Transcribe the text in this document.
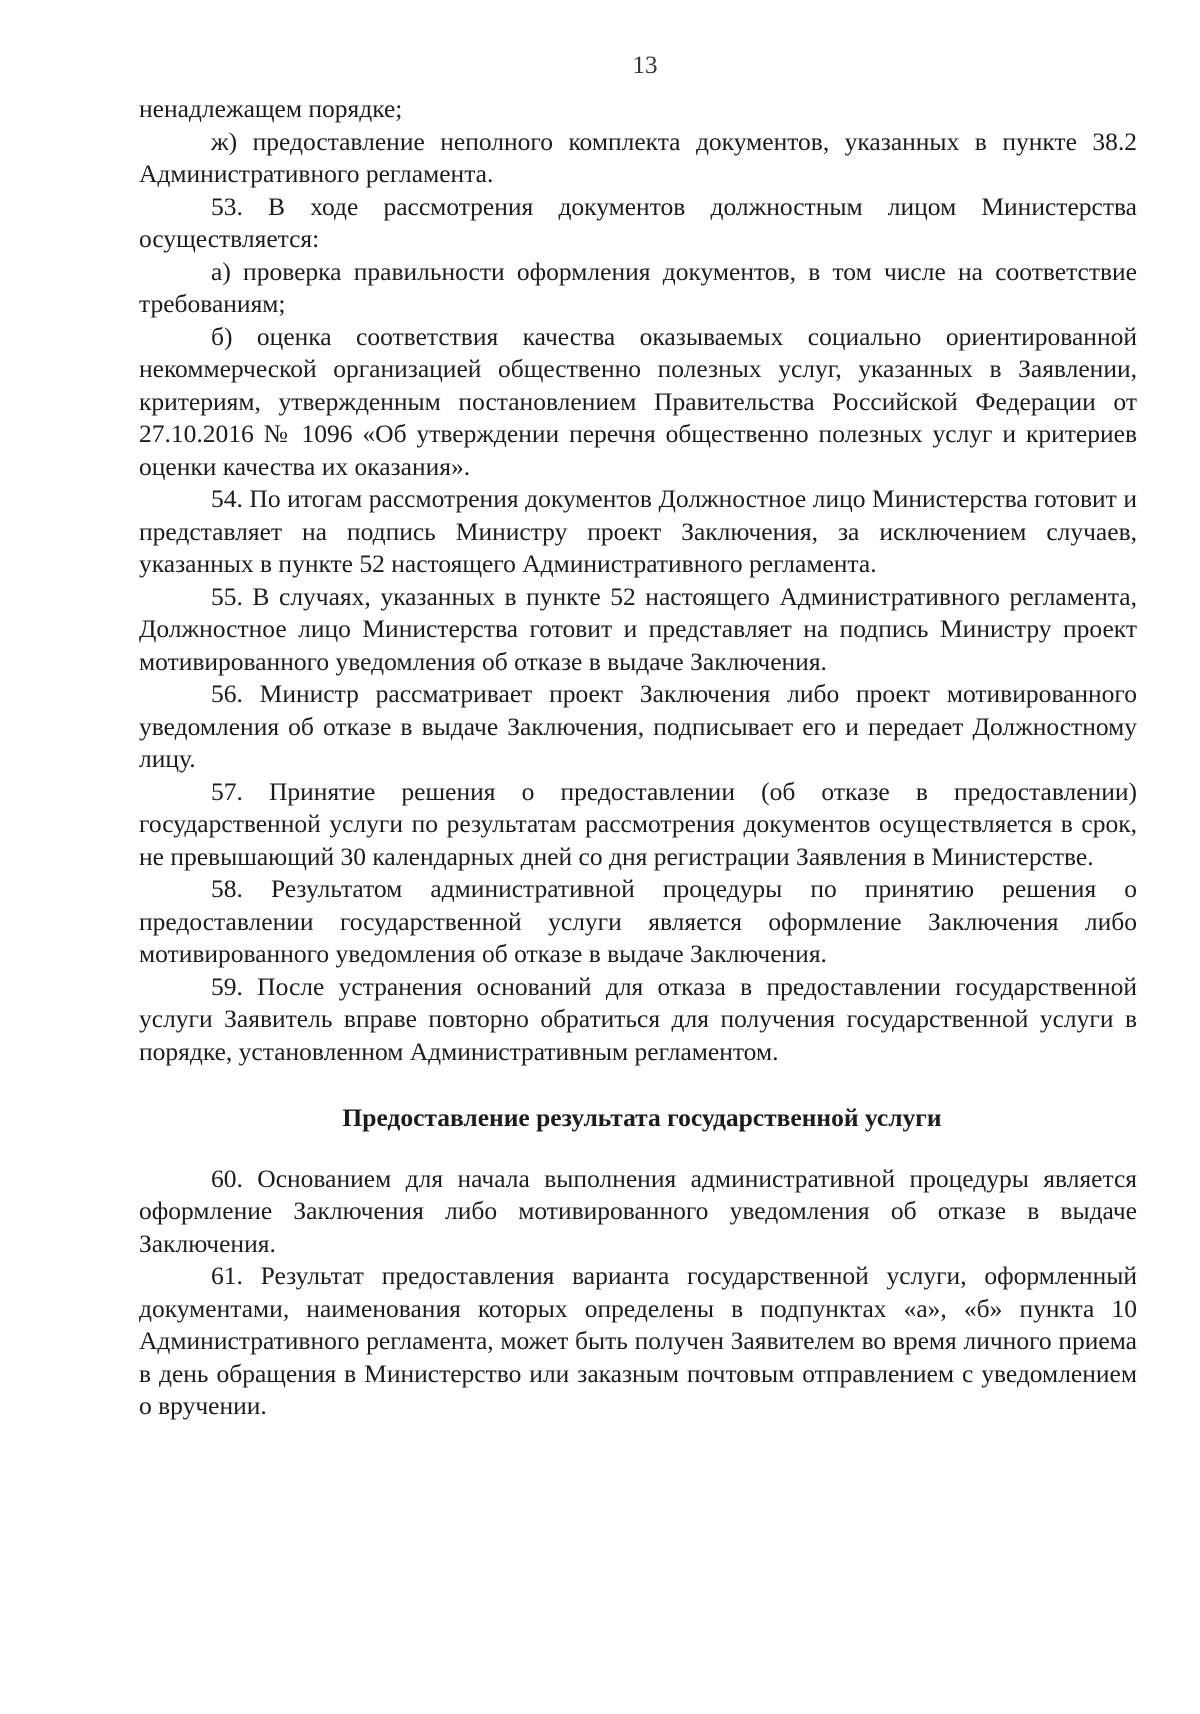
13

ненадлежащем порядке;

ж) предоставление неполного комплекта документов, указанных в пункте 38.2 Административного регламента.

53. В ходе рассмотрения документов должностным лицом Министерства осуществляется:

а) проверка правильности оформления документов, в том числе на соответствие требованиям;

б) оценка соответствия качества оказываемых социально ориентированной некоммерческой организацией общественно полезных услуг, указанных в Заявлении, критериям, утвержденным постановлением Правительства Российской Федерации от 27.10.2016 № 1096 «Об утверждении перечня общественно полезных услуг и критериев оценки качества их оказания».

54. По итогам рассмотрения документов Должностное лицо Министерства готовит и представляет на подпись Министру проект Заключения, за исключением случаев, указанных в пункте 52 настоящего Административного регламента.

55. В случаях, указанных в пункте 52 настоящего Административного регламента, Должностное лицо Министерства готовит и представляет на подпись Министру проект мотивированного уведомления об отказе в выдаче Заключения.

56. Министр рассматривает проект Заключения либо проект мотивированного уведомления об отказе в выдаче Заключения, подписывает его и передает Должностному лицу.

57. Принятие решения о предоставлении (об отказе в предоставлении) государственной услуги по результатам рассмотрения документов осуществляется в срок, не превышающий 30 календарных дней со дня регистрации Заявления в Министерстве.

58. Результатом административной процедуры по принятию решения о предоставлении государственной услуги является оформление Заключения либо мотивированного уведомления об отказе в выдаче Заключения.

59. После устранения оснований для отказа в предоставлении государственной услуги Заявитель вправе повторно обратиться для получения государственной услуги в порядке, установленном Административным регламентом.

Предоставление результата государственной услуги

60. Основанием для начала выполнения административной процедуры является оформление Заключения либо мотивированного уведомления об отказе в выдаче Заключения.

61. Результат предоставления варианта государственной услуги, оформленный документами, наименования которых определены в подпунктах «а», «б» пункта 10 Административного регламента, может быть получен Заявителем во время личного приема в день обращения в Министерство или заказным почтовым отправлением с уведомлением о вручении.
